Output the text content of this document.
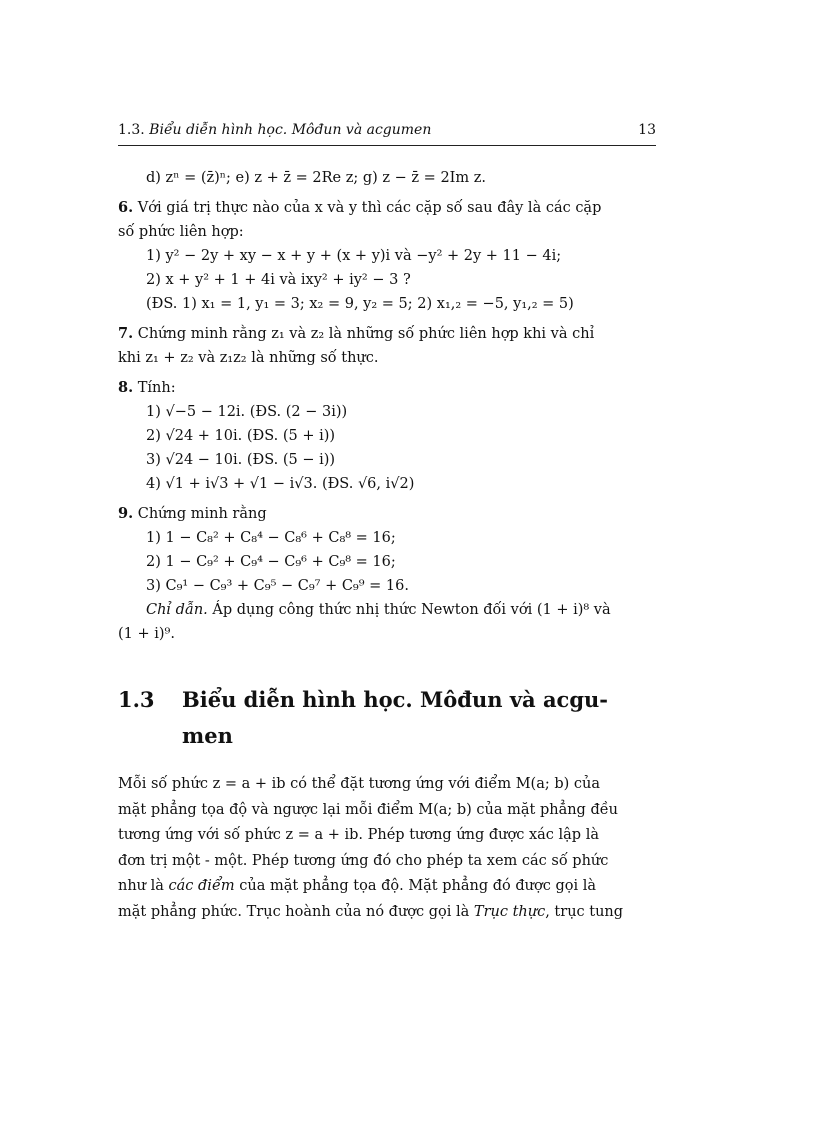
1.3. Biểu diễn hình học. Môđun và acgumen	13
d) zⁿ = (z̄)ⁿ; e) z + z̄ = 2Re z; g) z − z̄ = 2Im z.
6. Với giá trị thực nào của x và y thì các cặp số sau đây là các cặp
số phức liên hợp:
1) y² − 2y + xy − x + y + (x + y)i và −y² + 2y + 11 − 4i;
2) x + y² + 1 + 4i và ixy² + iy² − 3 ?
(ĐS. 1) x₁ = 1, y₁ = 3; x₂ = 9, y₂ = 5; 2) x₁,₂ = −5, y₁,₂ = 5)
7. Chứng minh rằng z₁ và z₂ là những số phức liên hợp khi và chỉ
khi z₁ + z₂ và z₁z₂ là những số thực.
8. Tính:
1) √−5 − 12i. (ĐS. (2 − 3i))
2) √24 + 10i. (ĐS. (5 + i))
3) √24 − 10i. (ĐS. (5 − i))
4) √1 + i√3 + √1 − i√3. (ĐS. √6, i√2)
9. Chứng minh rằng
1) 1 − C₈² + C₈⁴ − C₈⁶ + C₈⁸ = 16;
2) 1 − C₉² + C₉⁴ − C₉⁶ + C₉⁸ = 16;
3) C₉¹ − C₉³ + C₉⁵ − C₉⁷ + C₉⁹ = 16.
Chỉ dẫn. Áp dụng công thức nhị thức Newton đối với (1 + i)⁸ và
(1 + i)⁹.
1.3	Biểu diễn hình học. Môđun và acgu-
men
Mỗi số phức z = a + ib có thể đặt tương ứng với điểm M(a; b) của
mặt phẳng tọa độ và ngược lại mỗi điểm M(a; b) của mặt phẳng đều
tương ứng với số phức z = a + ib. Phép tương ứng được xác lập là
đơn trị một - một. Phép tương ứng đó cho phép ta xem các số phức
như là các điểm của mặt phẳng tọa độ. Mặt phẳng đó được gọi là
mặt phẳng phức. Trục hoành của nó được gọi là Trục thực, trục tung
